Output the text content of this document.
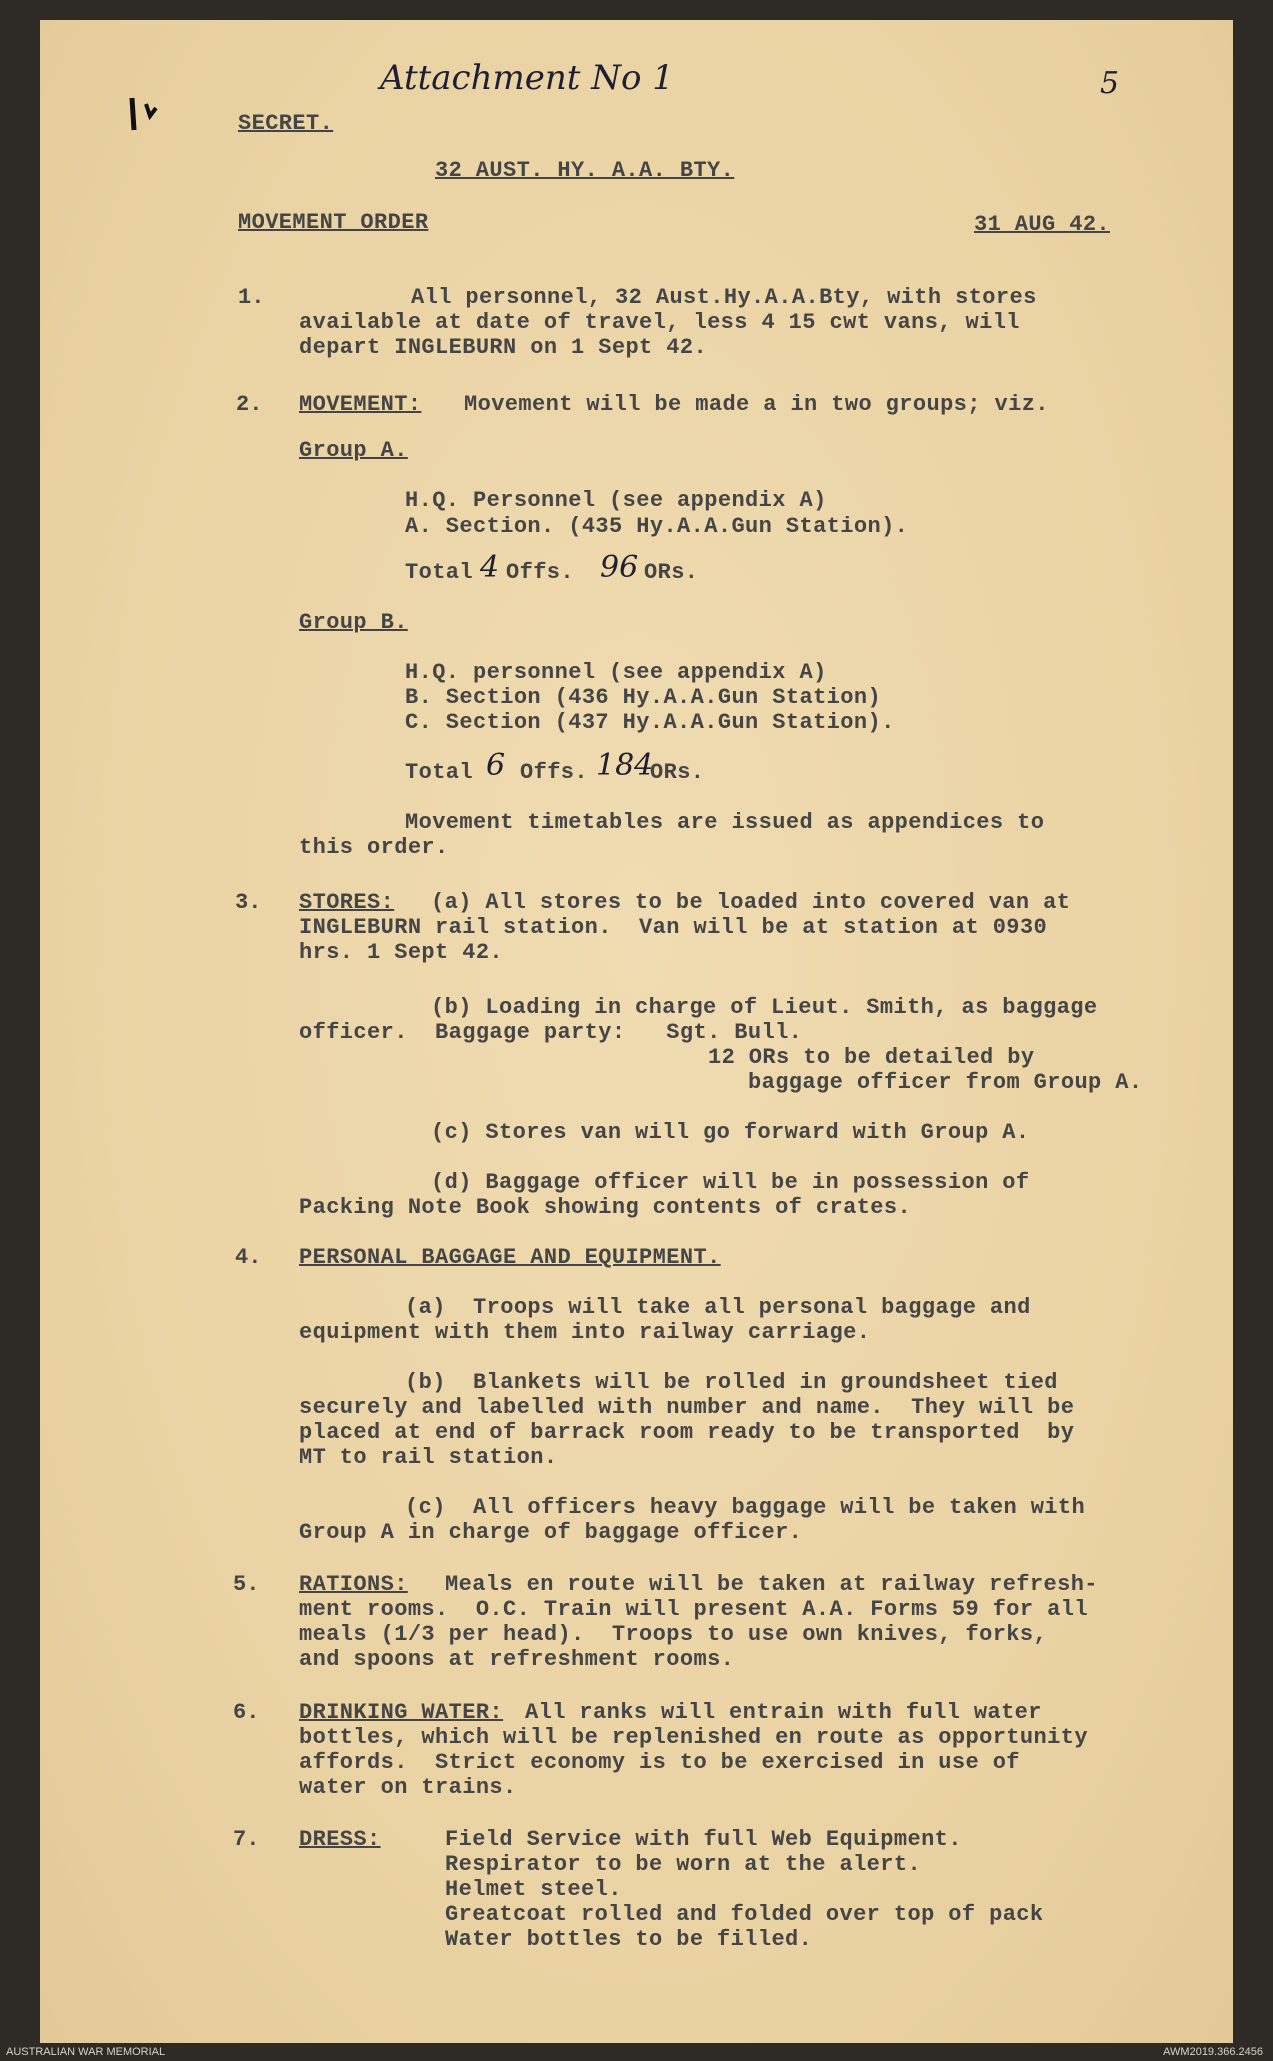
Attachment No 1	5
SECRET.
32 AUST. HY. A.A. BTY.
MOVEMENT ORDER	31 AUG 42.
1.	All personnel, 32 Aust.Hy.A.A.Bty, with stores
available at date of travel, less 4 15 cwt vans, will
depart INGLEBURN on 1 Sept 42.
2. MOVEMENT: Movement will be made a in two groups; viz.
Group A.
H.Q. Personnel (see appendix A)
A. Section. (435 Hy.A.A.Gun Station).
Total 4 Offs. 96 ORs.
Group B.
H.Q. personnel (see appendix A)
B. Section (436 Hy.A.A.Gun Station)
C. Section (437 Hy.A.A.Gun Station).
Total 6 Offs. 184
ORs.
Movement timetables are issued as appendices to
this order.
3. STORES: (a) All stores to be loaded into covered van at
INGLEBURN rail station.  Van will be at station at 0930
hrs. 1 Sept 42.
(b) Loading in charge of Lieut. Smith, as baggage
officer.  Baggage party:   Sgt. Bull.
12 ORs to be detailed by
baggage officer from Group A.
(c) Stores van will go forward with Group A.
(d) Baggage officer will be in possession of
Packing Note Book showing contents of crates.
4. PERSONAL BAGGAGE AND EQUIPMENT.
(a)  Troops will take all personal baggage and
equipment with them into railway carriage.
(b)  Blankets will be rolled in groundsheet tied
securely and labelled with number and name.  They will be
placed at end of barrack room ready to be transported  by
MT to rail station.
(c)  All officers heavy baggage will be taken with
Group A in charge of baggage officer.
5. RATIONS: Meals en route will be taken at railway refresh-
ment rooms.  O.C. Train will present A.A. Forms 59 for all
meals (1/3 per head).  Troops to use own knives, forks,
and spoons at refreshment rooms.
6. DRINKING WATER: All ranks will entrain with full water
bottles, which will be replenished en route as opportunity
affords.  Strict economy is to be exercised in use of
water on trains.
7. DRESS:	Field Service with full Web Equipment.
Respirator to be worn at the alert.
Helmet steel.
Greatcoat rolled and folded over top of pack
Water bottles to be filled.
AUSTRALIAN WAR MEMORIAL	AWM2019.366.2456
